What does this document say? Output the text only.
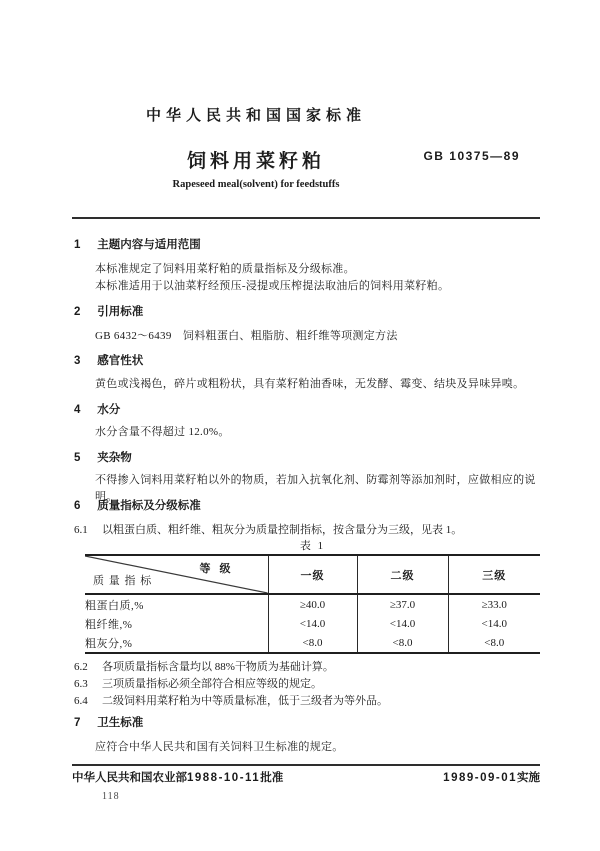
中华人民共和国国家标准
饲料用菜籽粕	GB 10375—89
Rapeseed meal(solvent) for feedstuffs
1 主题内容与适用范围
本标准规定了饲料用菜籽粕的质量指标及分级标准。
本标准适用于以油菜籽经预压-浸提或压榨提法取油后的饲料用菜籽粕。
2 引用标准
GB 6432～6439　饲料粗蛋白、粗脂肪、粗纤维等项测定方法
3 感官性状
黄色或浅褐色，碎片或粗粉状，具有菜籽粕油香味，无发酵、霉变、结块及异味异嗅。
4 水分
水分含量不得超过 12.0%。
5 夹杂物
不得掺入饲料用菜籽粕以外的物质，若加入抗氧化剂、防霉剂等添加剂时，应做相应的说明。
6 质量指标及分级标准
6.1 以粗蛋白质、粗纤维、粗灰分为质量控制指标，按含量分为三级，见表 1。
表 1
等 级
质 量 指 标	一级	二级	三级
粗蛋白质,%	≥40.0	≥37.0	≥33.0
粗纤维,%	<14.0	<14.0	<14.0
粗灰分,%	<8.0	<8.0	<8.0
6.2 各项质量指标含量均以 88%干物质为基础计算。
6.3 三项质量指标必须全部符合相应等级的规定。
6.4 二级饲料用菜籽粕为中等质量标准，低于三级者为等外品。
7 卫生标准
应符合中华人民共和国有关饲料卫生标准的规定。
中华人民共和国农业部1988-10-11批准	1989-09-01实施
118
